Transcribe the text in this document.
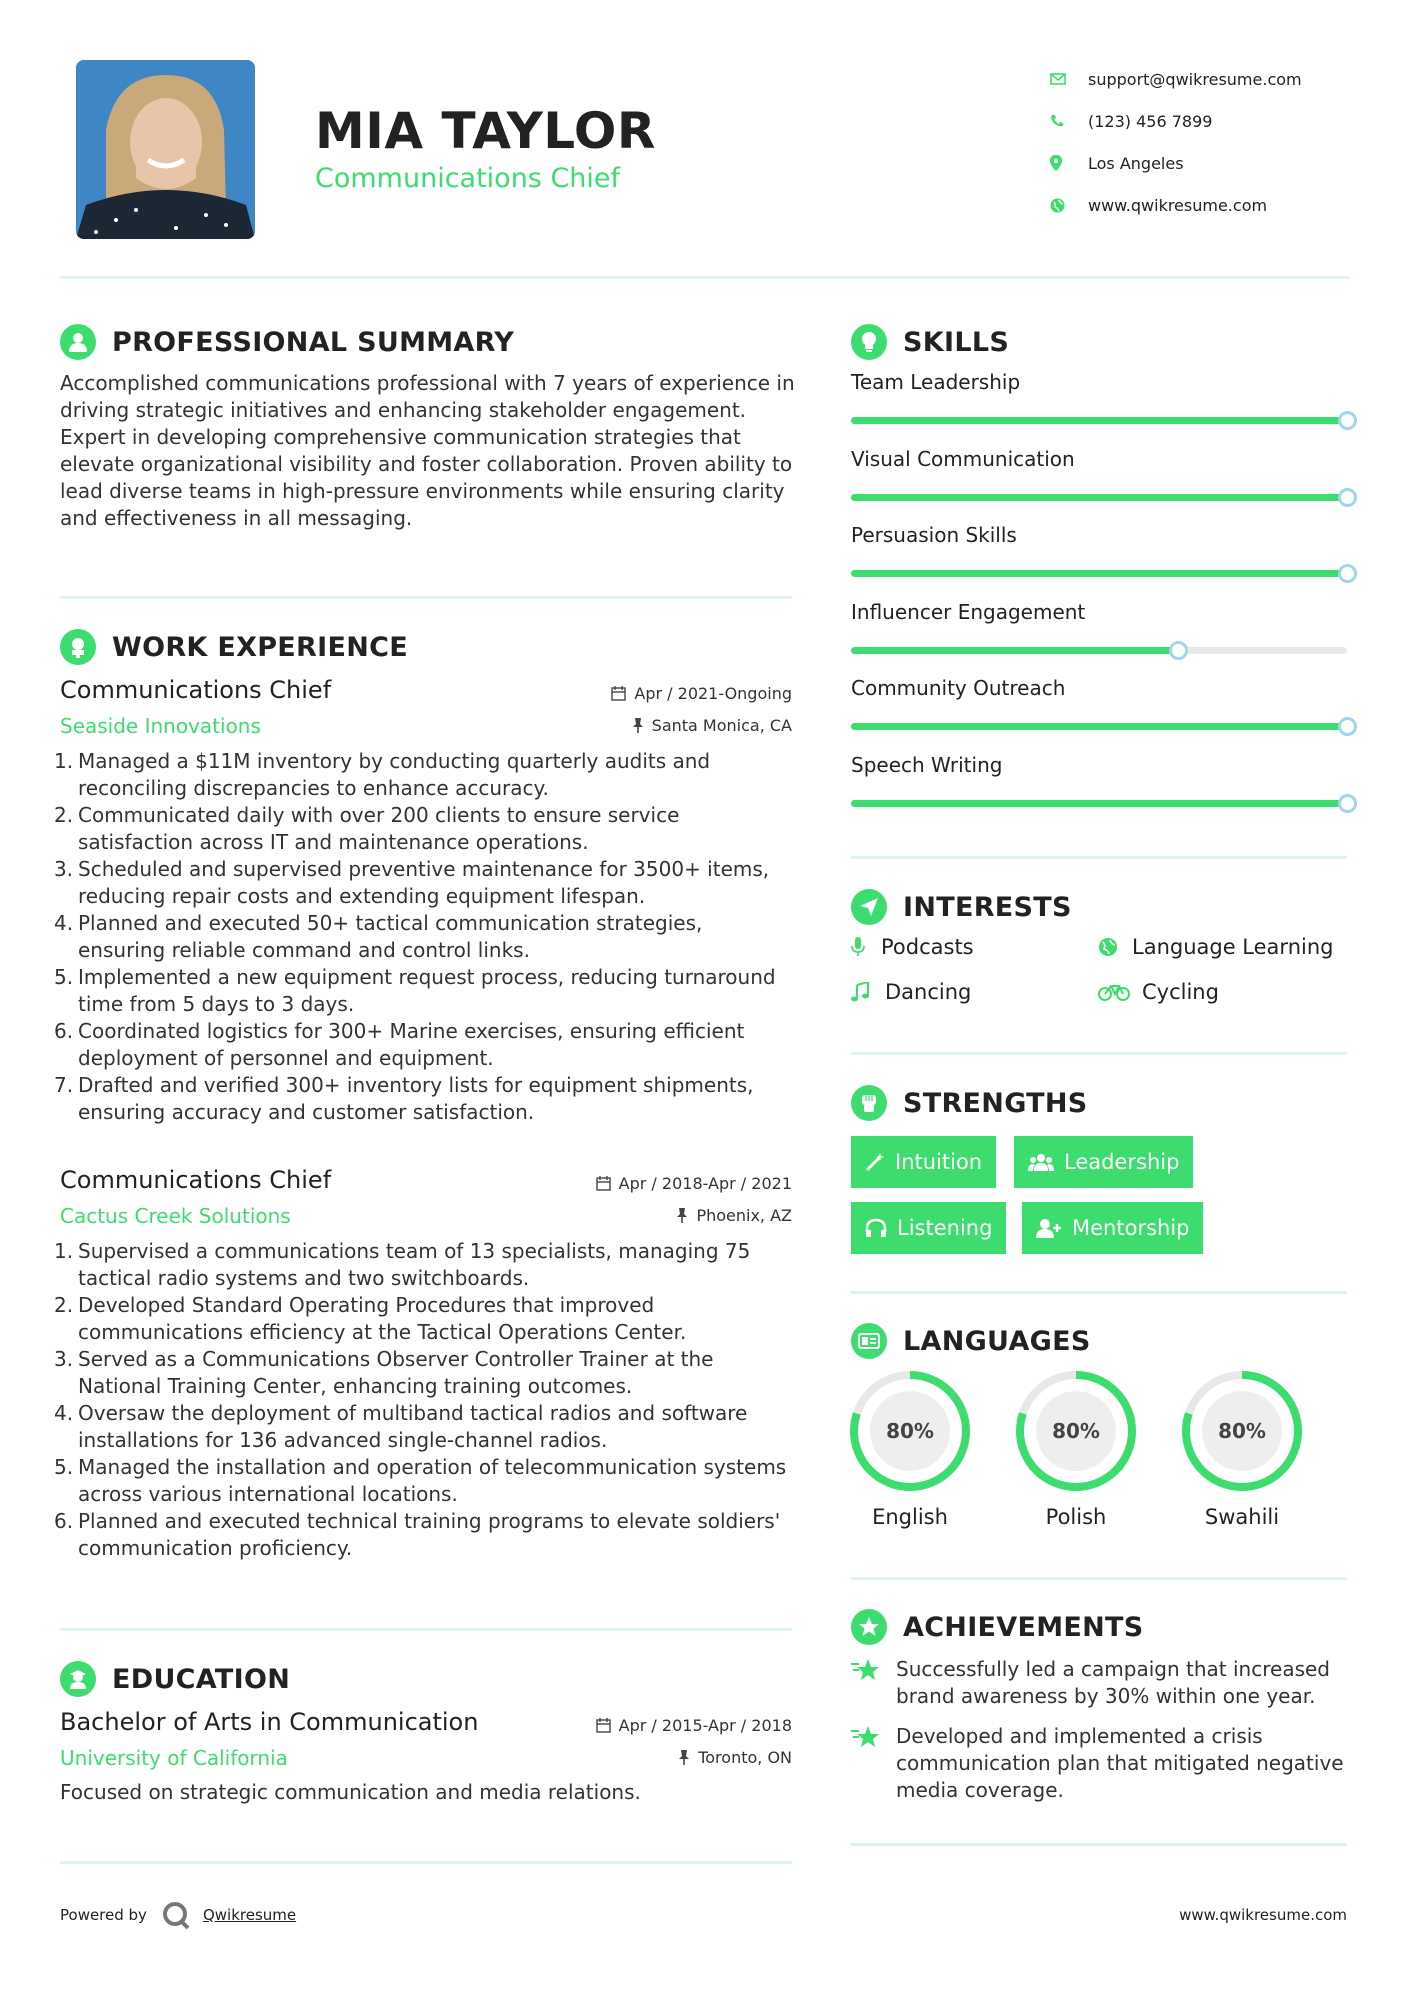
MIA TAYLOR
Communications Chief
support@qwikresume.com
(123) 456 7899
Los Angeles
www.qwikresume.com
PROFESSIONAL SUMMARY
Accomplished communications professional with 7 years of experience in driving strategic initiatives and enhancing stakeholder engagement. Expert in developing comprehensive communication strategies that elevate organizational visibility and foster collaboration. Proven ability to lead diverse teams in high-pressure environments while ensuring clarity and effectiveness in all messaging.
WORK EXPERIENCE
Communications Chief	Apr / 2021-Ongoing
Seaside Innovations	Santa Monica, CA
1. Managed a $11M inventory by conducting quarterly audits and reconciling discrepancies to enhance accuracy.
2. Communicated daily with over 200 clients to ensure service satisfaction across IT and maintenance operations.
3. Scheduled and supervised preventive maintenance for 3500+ items, reducing repair costs and extending equipment lifespan.
4. Planned and executed 50+ tactical communication strategies, ensuring reliable command and control links.
5. Implemented a new equipment request process, reducing turnaround time from 5 days to 3 days.
6. Coordinated logistics for 300+ Marine exercises, ensuring efficient deployment of personnel and equipment.
7. Drafted and verified 300+ inventory lists for equipment shipments, ensuring accuracy and customer satisfaction.
Communications Chief	Apr / 2018-Apr / 2021
Cactus Creek Solutions	Phoenix, AZ
1. Supervised a communications team of 13 specialists, managing 75 tactical radio systems and two switchboards.
2. Developed Standard Operating Procedures that improved communications efficiency at the Tactical Operations Center.
3. Served as a Communications Observer Controller Trainer at the National Training Center, enhancing training outcomes.
4. Oversaw the deployment of multiband tactical radios and software installations for 136 advanced single-channel radios.
5. Managed the installation and operation of telecommunication systems across various international locations.
6. Planned and executed technical training programs to elevate soldiers' communication proficiency.
EDUCATION
Bachelor of Arts in Communication	Apr / 2015-Apr / 2018
University of California	Toronto, ON
Focused on strategic communication and media relations.
SKILLS
Team Leadership
Visual Communication
Persuasion Skills
Influencer Engagement
Community Outreach
Speech Writing
INTERESTS
Podcasts	Language Learning
Dancing	Cycling
STRENGTHS
Intuition	Leadership
Listening	Mentorship
LANGUAGES
80%
English
80%
Polish
80%
Swahili
ACHIEVEMENTS
Successfully led a campaign that increased brand awareness by 30% within one year.
Developed and implemented a crisis communication plan that mitigated negative media coverage.
Powered by	Qwikresume	www.qwikresume.com
